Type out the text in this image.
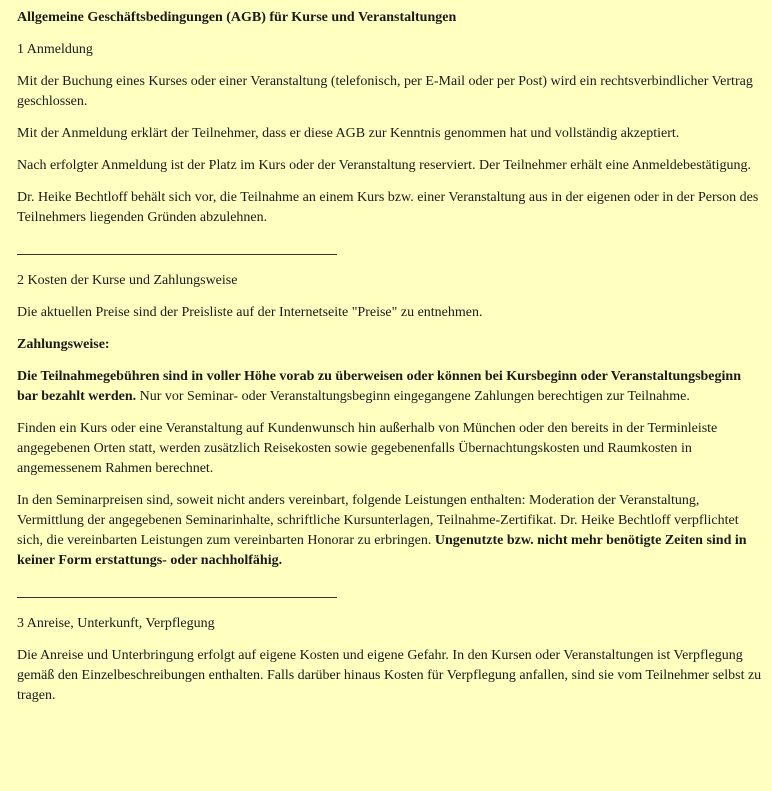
Allgemeine Geschäftsbedingungen (AGB) für Kurse und Veranstaltungen

1 Anmeldung

Mit der Buchung eines Kurses oder einer Veranstaltung (telefonisch, per E-Mail oder per Post) wird ein rechtsverbindlicher Vertrag geschlossen.

Mit der Anmeldung erklärt der Teilnehmer, dass er diese AGB zur Kenntnis genommen hat und vollständig akzeptiert.

Nach erfolgter Anmeldung ist der Platz im Kurs oder der Veranstaltung reserviert. Der Teilnehmer erhält eine Anmeldebestätigung.

Dr. Heike Bechtloff behält sich vor, die Teilnahme an einem Kurs bzw. einer Veranstaltung aus in der eigenen oder in der Person des Teilnehmers liegenden Gründen abzulehnen.

2 Kosten der Kurse und Zahlungsweise

Die aktuellen Preise sind der Preisliste auf der Internetseite "Preise" zu entnehmen.

Zahlungsweise:

Die Teilnahmegebühren sind in voller Höhe vorab zu überweisen oder können bei Kursbeginn oder Veranstaltungsbeginn bar bezahlt werden. Nur vor Seminar- oder Veranstaltungsbeginn eingegangene Zahlungen berechtigen zur Teilnahme.

Finden ein Kurs oder eine Veranstaltung auf Kundenwunsch hin außerhalb von München oder den bereits in der Terminleiste angegebenen Orten statt, werden zusätzlich Reisekosten sowie gegebenenfalls Übernachtungskosten und Raumkosten in angemessenem Rahmen berechnet.

In den Seminarpreisen sind, soweit nicht anders vereinbart, folgende Leistungen enthalten: Moderation der Veranstaltung, Vermittlung der angegebenen Seminarinhalte, schriftliche Kursunterlagen, Teilnahme-Zertifikat. Dr. Heike Bechtloff verpflichtet sich, die vereinbarten Leistungen zum vereinbarten Honorar zu erbringen. Ungenutzte bzw. nicht mehr benötigte Zeiten sind in keiner Form erstattungs- oder nachholfähig.

3 Anreise, Unterkunft, Verpflegung

Die Anreise und Unterbringung erfolgt auf eigene Kosten und eigene Gefahr. In den Kursen oder Veranstaltungen ist Verpflegung gemäß den Einzelbeschreibungen enthalten. Falls darüber hinaus Kosten für Verpflegung anfallen, sind sie vom Teilnehmer selbst zu tragen.
